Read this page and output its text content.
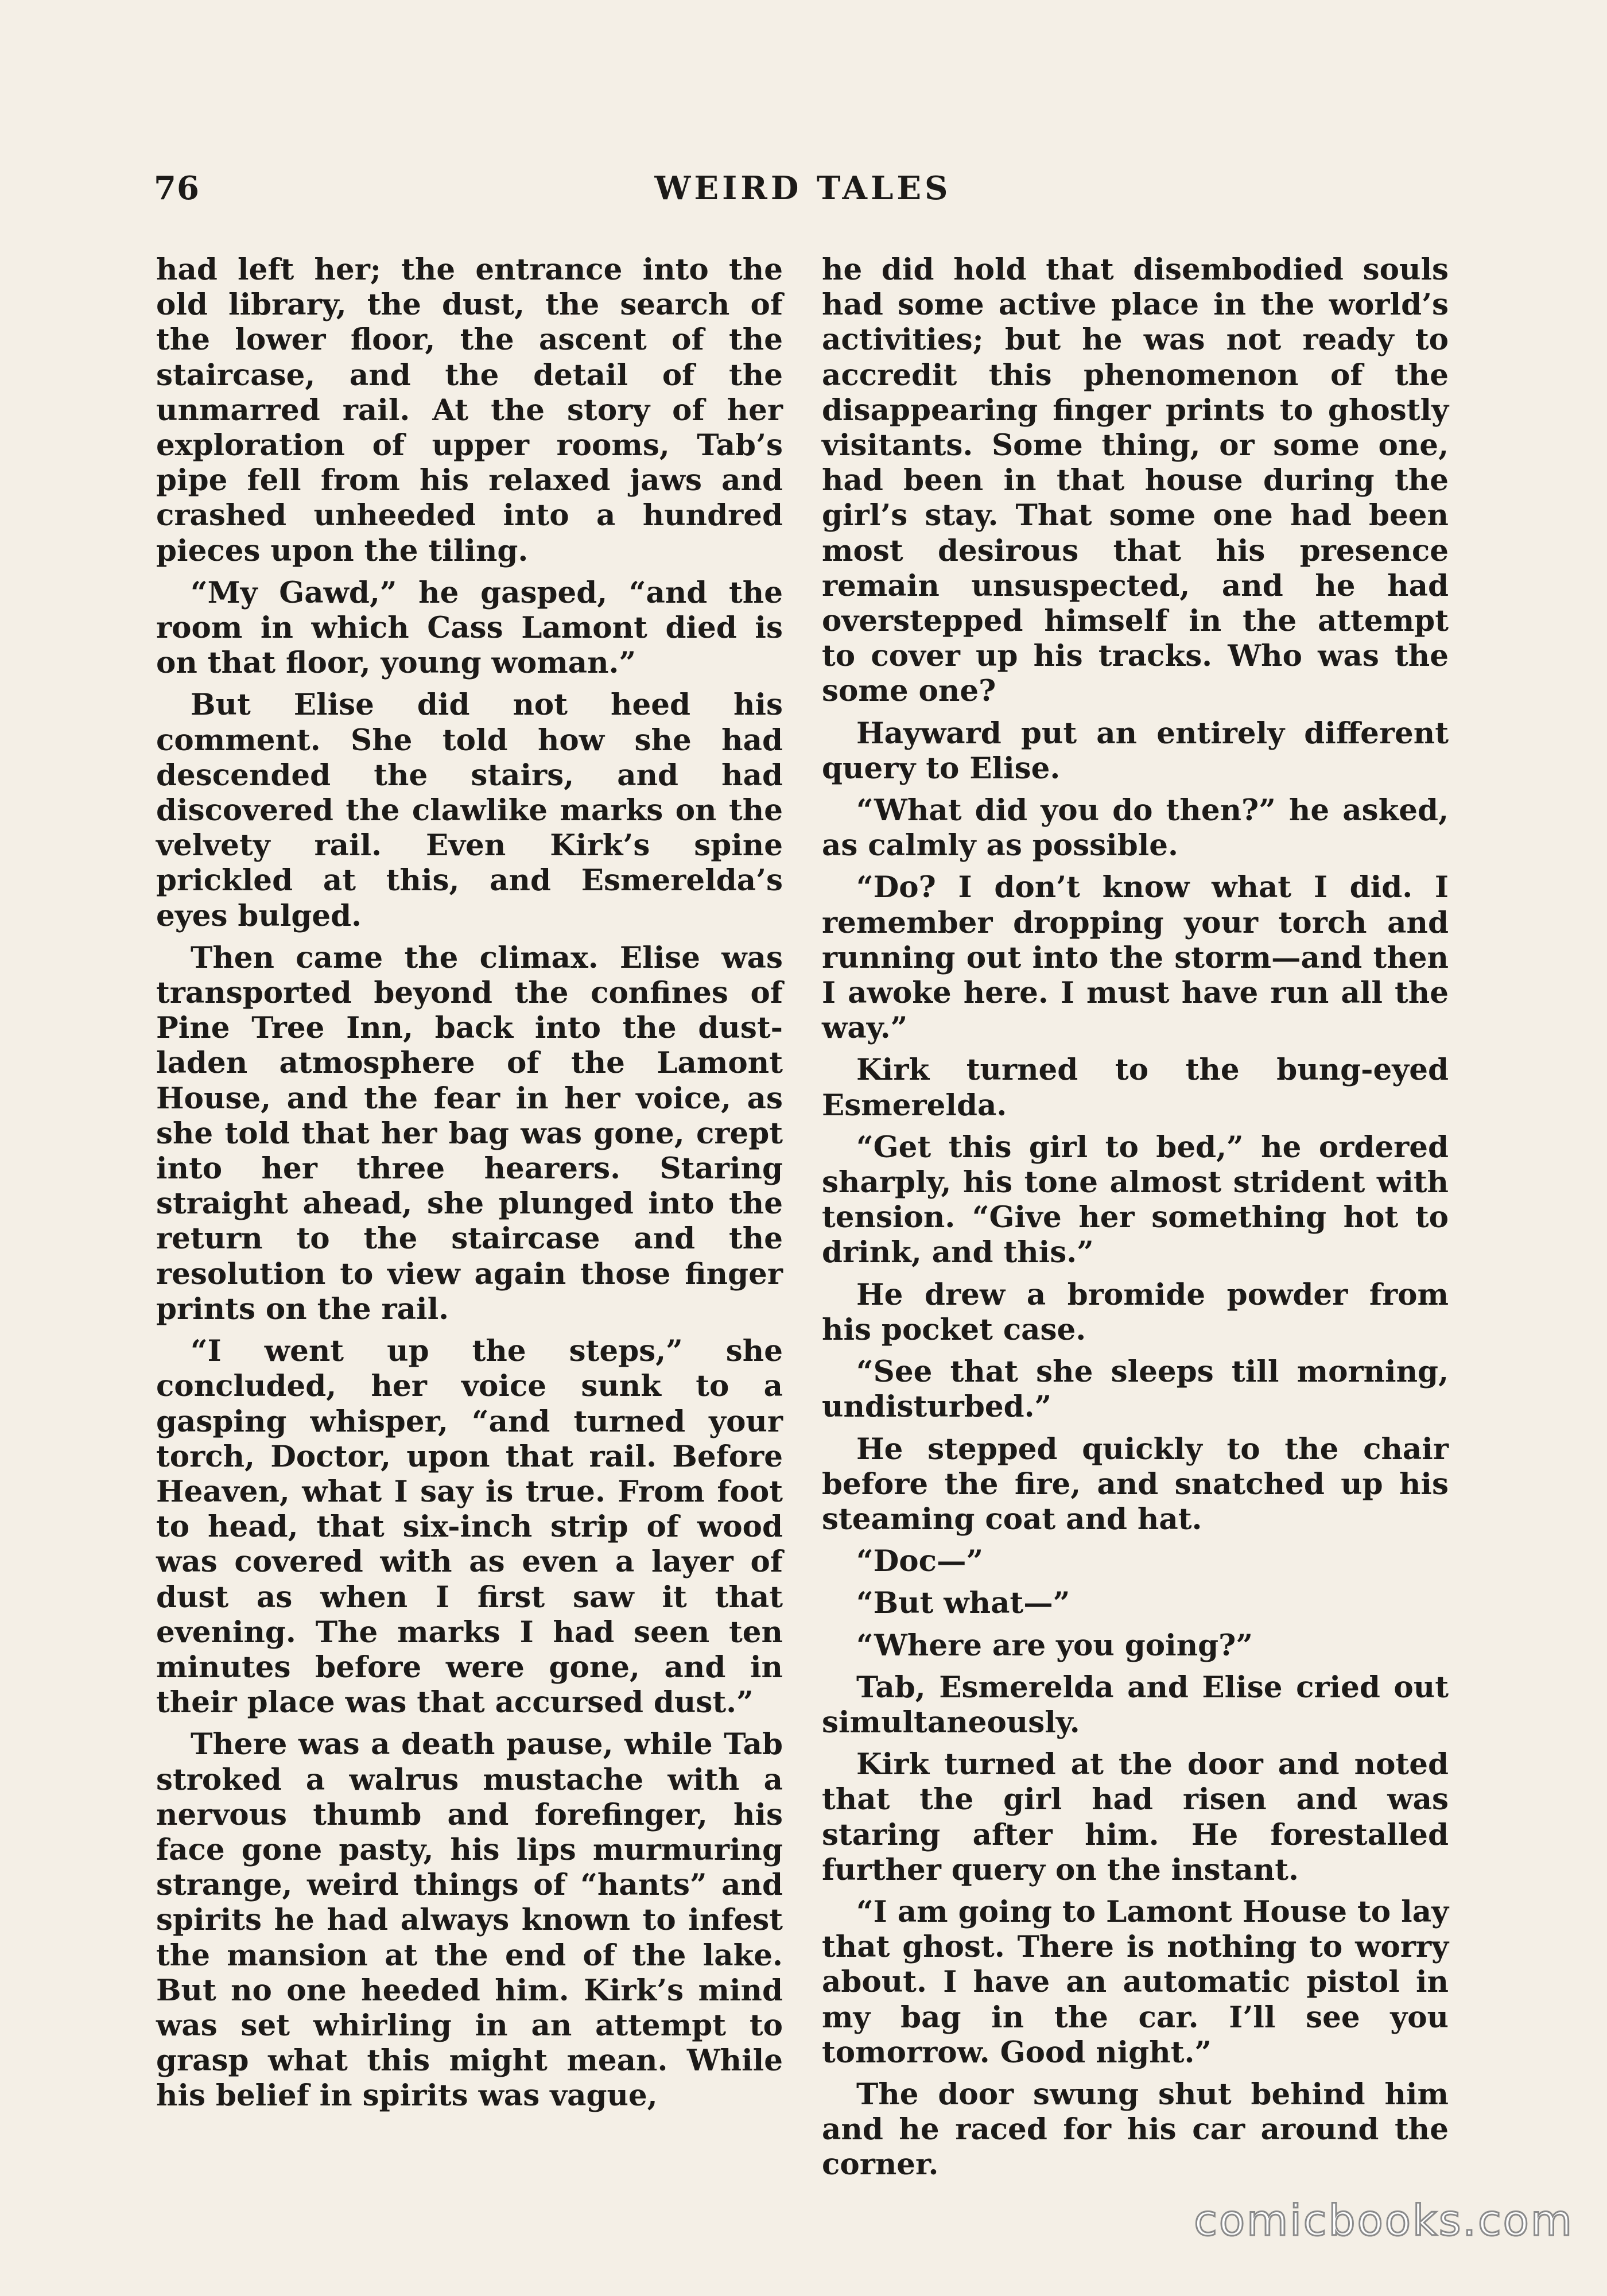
76	WEIRD TALES

had left her; the entrance into the old library, the dust, the search of the lower floor, the ascent of the staircase, and the detail of the unmarred rail. At the story of her exploration of upper rooms, Tab’s pipe fell from his relaxed jaws and crashed unheeded into a hundred pieces upon the tiling.

“My Gawd,” he gasped, “and the room in which Cass Lamont died is on that floor, young woman.”

But Elise did not heed his comment. She told how she had descended the stairs, and had discovered the clawlike marks on the velvety rail. Even Kirk’s spine prickled at this, and Esmerelda’s eyes bulged.

Then came the climax. Elise was transported beyond the confines of Pine Tree Inn, back into the dust-laden atmosphere of the Lamont House, and the fear in her voice, as she told that her bag was gone, crept into her three hearers. Staring straight ahead, she plunged into the return to the staircase and the resolution to view again those finger prints on the rail.

“I went up the steps,” she concluded, her voice sunk to a gasping whisper, “and turned your torch, Doctor, upon that rail. Before Heaven, what I say is true. From foot to head, that six-inch strip of wood was covered with as even a layer of dust as when I first saw it that evening. The marks I had seen ten minutes before were gone, and in their place was that accursed dust.”

There was a death pause, while Tab stroked a walrus mustache with a nervous thumb and forefinger, his face gone pasty, his lips murmuring strange, weird things of “hants” and spirits he had always known to infest the mansion at the end of the lake. But no one heeded him. Kirk’s mind was set whirling in an attempt to grasp what this might mean. While his belief in spirits was vague,

he did hold that disembodied souls had some active place in the world’s activities; but he was not ready to accredit this phenomenon of the disappearing finger prints to ghostly visitants. Some thing, or some one, had been in that house during the girl’s stay. That some one had been most desirous that his presence remain unsuspected, and he had overstepped himself in the attempt to cover up his tracks. Who was the some one?

Hayward put an entirely different query to Elise.

“What did you do then?” he asked, as calmly as possible.

“Do? I don’t know what I did. I remember dropping your torch and running out into the storm—and then I awoke here. I must have run all the way.”

Kirk turned to the bung-eyed Esmerelda.

“Get this girl to bed,” he ordered sharply, his tone almost strident with tension. “Give her something hot to drink, and this.”

He drew a bromide powder from his pocket case.

“See that she sleeps till morning, undisturbed.”

He stepped quickly to the chair before the fire, and snatched up his steaming coat and hat.

“Doc—”

“But what—”

“Where are you going?”

Tab, Esmerelda and Elise cried out simultaneously.

Kirk turned at the door and noted that the girl had risen and was staring after him. He forestalled further query on the instant.

“I am going to Lamont House to lay that ghost. There is nothing to worry about. I have an automatic pistol in my bag in the car. I’ll see you tomorrow. Good night.”

The door swung shut behind him and he raced for his car around the corner.

comicbooks.com
